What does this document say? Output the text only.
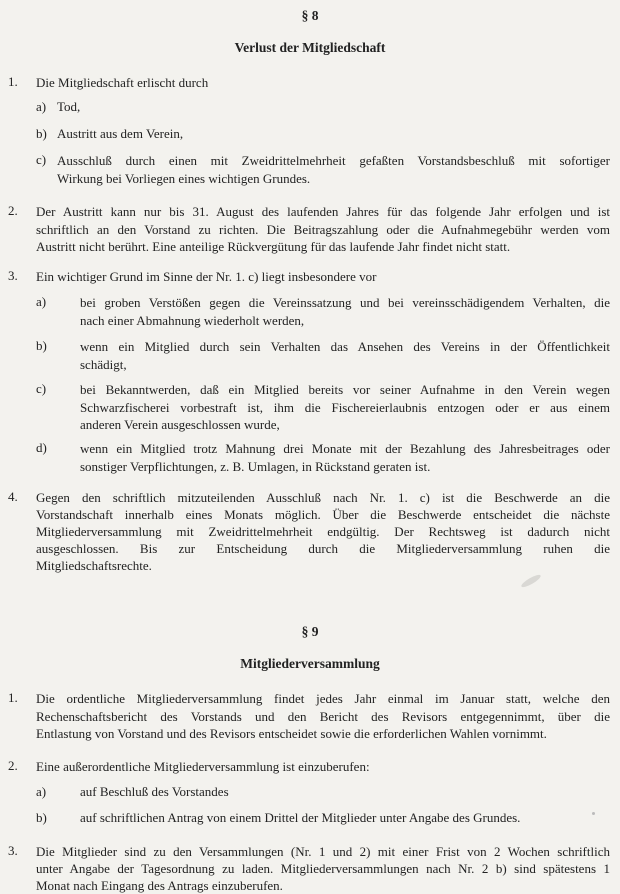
§ 8
Verlust der Mitgliedschaft
1. Die Mitgliedschaft erlischt durch
a) Tod,
b) Austritt aus dem Verein,
c) Ausschluß durch einen mit Zweidrittelmehrheit gefaßten Vorstandsbeschluß mit sofortiger
Wirkung bei Vorliegen eines wichtigen Grundes.
2. Der Austritt kann nur bis 31. August des laufenden Jahres für das folgende Jahr erfolgen und ist
schriftlich an den Vorstand zu richten. Die Beitragszahlung oder die Aufnahmegebühr werden vom
Austritt nicht berührt. Eine anteilige Rückvergütung für das laufende Jahr findet nicht statt.
3. Ein wichtiger Grund im Sinne der Nr. 1. c) liegt insbesondere vor
a)	bei groben Verstößen gegen die Vereinssatzung und bei vereinsschädigendem Verhalten, die
nach einer Abmahnung wiederholt werden,
b)	wenn ein Mitglied durch sein Verhalten das Ansehen des Vereins in der Öffentlichkeit
schädigt,
c)	bei Bekanntwerden, daß ein Mitglied bereits vor seiner Aufnahme in den Verein wegen
Schwarzfischerei vorbestraft ist, ihm die Fischereierlaubnis entzogen oder er aus einem
anderen Verein ausgeschlossen wurde,
d)	wenn ein Mitglied trotz Mahnung drei Monate mit der Bezahlung des Jahresbeitrages oder
sonstiger Verpflichtungen, z. B. Umlagen, in Rückstand geraten ist.
4. Gegen den schriftlich mitzuteilenden Ausschluß nach Nr. 1. c) ist die Beschwerde an die
Vorstandschaft innerhalb eines Monats möglich. Über die Beschwerde entscheidet die nächste
Mitgliederversammlung mit Zweidrittelmehrheit endgültig. Der Rechtsweg ist dadurch nicht
ausgeschlossen. Bis zur Entscheidung durch die Mitgliederversammlung ruhen die
Mitgliedschaftsrechte.
§ 9
Mitgliederversammlung
1. Die ordentliche Mitgliederversammlung findet jedes Jahr einmal im Januar statt, welche den
Rechenschaftsbericht des Vorstands und den Bericht des Revisors entgegennimmt, über die
Entlastung von Vorstand und des Revisors entscheidet sowie die erforderlichen Wahlen vornimmt.
2. Eine außerordentliche Mitgliederversammlung ist einzuberufen:
a)	auf Beschluß des Vorstandes
b)	auf schriftlichen Antrag von einem Drittel der Mitglieder unter Angabe des Grundes.
3. Die Mitglieder sind zu den Versammlungen (Nr. 1 und 2) mit einer Frist von 2 Wochen schriftlich
unter Angabe der Tagesordnung zu laden. Mitgliederversammlungen nach Nr. 2 b) sind spätestens 1
Monat nach Eingang des Antrags einzuberufen.
